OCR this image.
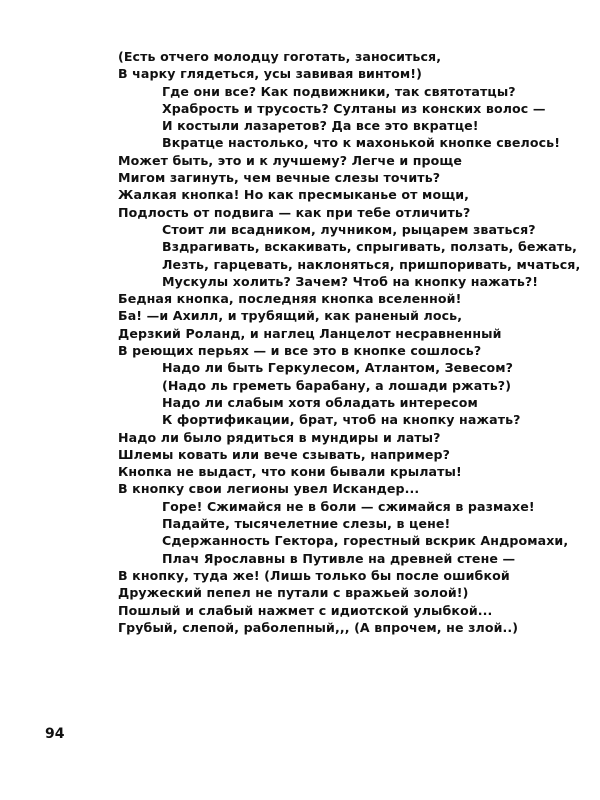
(Есть отчего молодцу гоготать, заноситься,
В чарку глядеться, усы завивая винтом!)
Где они все? Как подвижники, так святотатцы?
Храбрость и трусость? Султаны из конских волос —
И костыли лазаретов? Да все это вкратце!
Вкратце настолько, что к махонькой кнопке свелось!
Может быть, это и к лучшему? Легче и проще
Мигом загинуть, чем вечные слезы точить?
Жалкая кнопка! Но как пресмыканье от мощи,
Подлость от подвига — как при тебе отличить?
Стоит ли всадником, лучником, рыцарем зваться?
Вздрагивать, вскакивать, спрыгивать, ползать, бежать,
Лезть, гарцевать, наклоняться, пришпоривать, мчаться,
Мускулы холить? Зачем? Чтоб на кнопку нажать?!
Бедная кнопка, последняя кнопка вселенной!
Ба! —и Ахилл, и трубящий, как раненый лось,
Дерзкий Роланд, и наглец Ланцелот несравненный
В реющих перьях — и все это в кнопке сошлось?
Надо ли быть Геркулесом, Атлантом, Зевесом?
(Надо ль греметь барабану, а лошади ржать?)
Надо ли слабым хотя обладать интересом
К фортификации, брат, чтоб на кнопку нажать?
Надо ли было рядиться в мундиры и латы?
Шлемы ковать или вече сзывать, например?
Кнопка не выдаст, что кони бывали крылаты!
В кнопку свои легионы увел Искандер...
Горе! Сжимайся не в боли — сжимайся в размахе!
Падайте, тысячелетние слезы, в цене!
Сдержанность Гектора, горестный вскрик Андромахи,
Плач Ярославны в Путивле на древней стене —
В кнопку, туда же! (Лишь только бы после ошибкой
Дружеский пепел не путали с вражьей золой!)
Пошлый и слабый нажмет с идиотской улыбкой...
Грубый, слепой, раболепный,,, (А впрочем, не злой..)
94
